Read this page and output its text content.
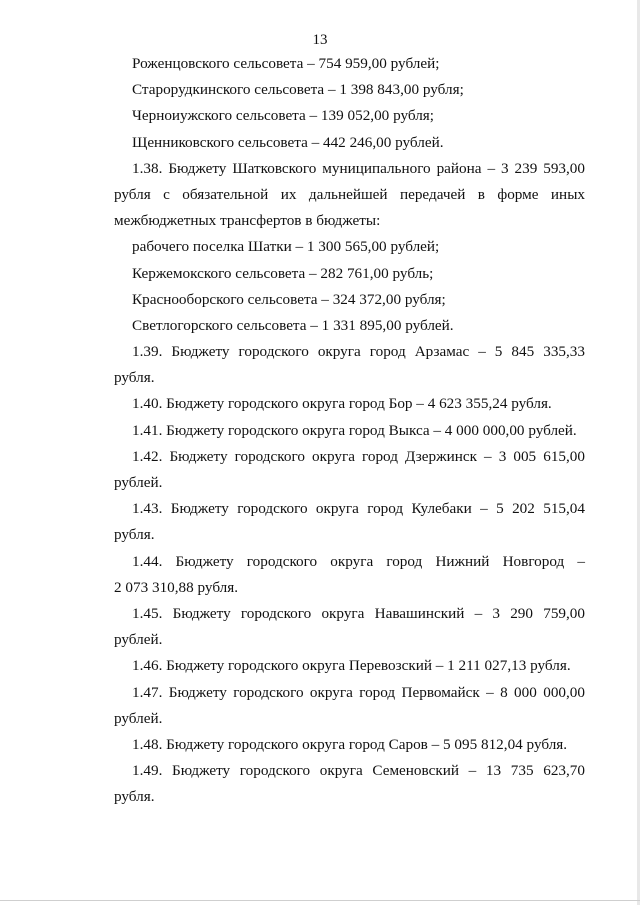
13
Роженцовского сельсовета – 754 959,00 рублей;
Старорудкинского сельсовета – 1 398 843,00 рубля;
Черноиужского сельсовета – 139 052,00 рубля;
Щенниковского сельсовета – 442 246,00 рублей.
1.38. Бюджету Шатковского муниципального района – 3 239 593,00
рубля с обязательной их дальнейшей передачей в форме иных
межбюджетных трансфертов в бюджеты:
рабочего поселка Шатки – 1 300 565,00 рублей;
Кержемокского сельсовета – 282 761,00 рубль;
Краснооборского сельсовета – 324 372,00 рубля;
Светлогорского сельсовета – 1 331 895,00 рублей.
1.39. Бюджету городского округа город Арзамас – 5 845 335,33
рубля.
1.40. Бюджету городского округа город Бор – 4 623 355,24 рубля.
1.41. Бюджету городского округа город Выкса – 4 000 000,00 рублей.
1.42. Бюджету городского округа город Дзержинск – 3 005 615,00
рублей.
1.43. Бюджету городского округа город Кулебаки – 5 202 515,04
рубля.
1.44. Бюджету городского округа город Нижний Новгород –
2 073 310,88 рубля.
1.45. Бюджету городского округа Навашинский – 3 290 759,00
рублей.
1.46. Бюджету городского округа Перевозский – 1 211 027,13 рубля.
1.47. Бюджету городского округа город Первомайск – 8 000 000,00
рублей.
1.48. Бюджету городского округа город Саров – 5 095 812,04 рубля.
1.49. Бюджету городского округа Семеновский – 13 735 623,70
рубля.
